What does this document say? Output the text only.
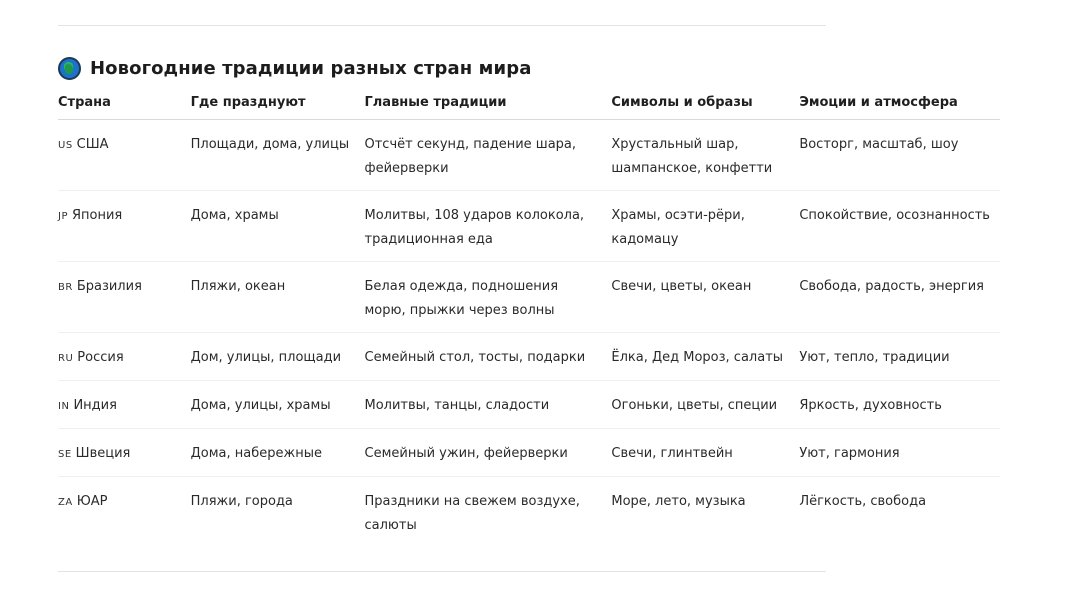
Новогодние традиции разных стран мира
Страна	Где празднуют	Главные традиции	Символы и образы	Эмоции и атмосфера
US США	Площади, дома, улицы	Отсчёт секунд, падение шара, фейерверки	Хрустальный шар, шампанское, конфетти	Восторг, масштаб, шоу
JP Япония	Дома, храмы	Молитвы, 108 ударов колокола, традиционная еда	Храмы, осэти-рёри, кадомацу	Спокойствие, осознанность
BR Бразилия	Пляжи, океан	Белая одежда, подношения морю, прыжки через волны	Свечи, цветы, океан	Свобода, радость, энергия
RU Россия	Дом, улицы, площади	Семейный стол, тосты, подарки	Ёлка, Дед Мороз, салаты	Уют, тепло, традиции
IN Индия	Дома, улицы, храмы	Молитвы, танцы, сладости	Огоньки, цветы, специи	Яркость, духовность
SE Швеция	Дома, набережные	Семейный ужин, фейерверки	Свечи, глинтвейн	Уют, гармония
ZA ЮАР	Пляжи, города	Праздники на свежем воздухе, салюты	Море, лето, музыка	Лёгкость, свобода
